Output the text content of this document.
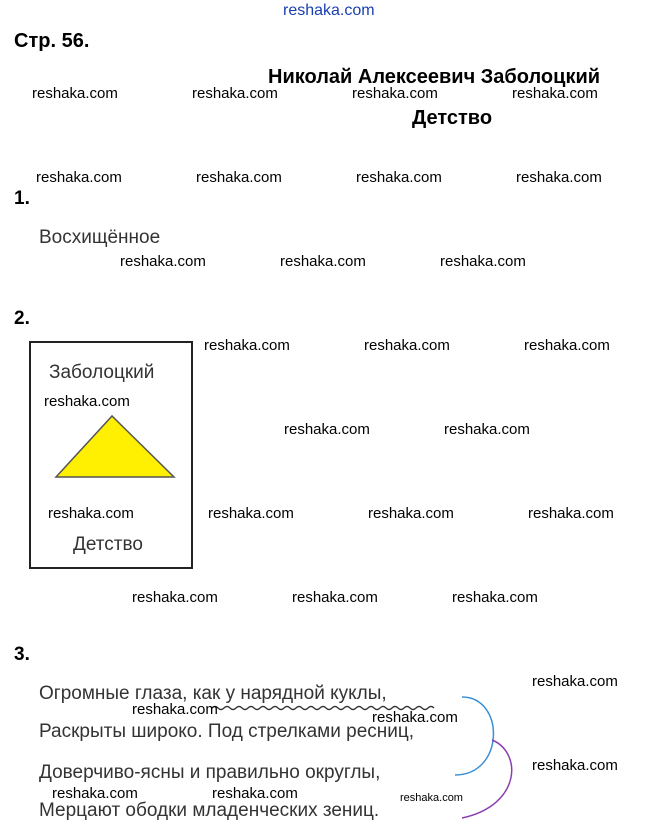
reshaka.com
Стр. 56.
Николай Алексеевич Заболоцкий
Детство
reshaka.com	reshaka.com	reshaka.com	reshaka.com
reshaka.com	reshaka.com	reshaka.com	reshaka.com
1.
Восхищённое
reshaka.com	reshaka.com	reshaka.com
2.
Заболоцкий
Детство
reshaka.com	reshaka.com	reshaka.com
reshaka.com
reshaka.com	reshaka.com
reshaka.com	reshaka.com	reshaka.com	reshaka.com
reshaka.com	reshaka.com	reshaka.com
3.
Огромные глаза, как у нарядной куклы,
Раскрыты широко. Под стрелками ресниц,
Доверчиво-ясны и правильно округлы,
Мерцают ободки младенческих зениц.
reshaka.com
reshaka.com	reshaka.com
reshaka.com
reshaka.com	reshaka.com	reshaka.com
